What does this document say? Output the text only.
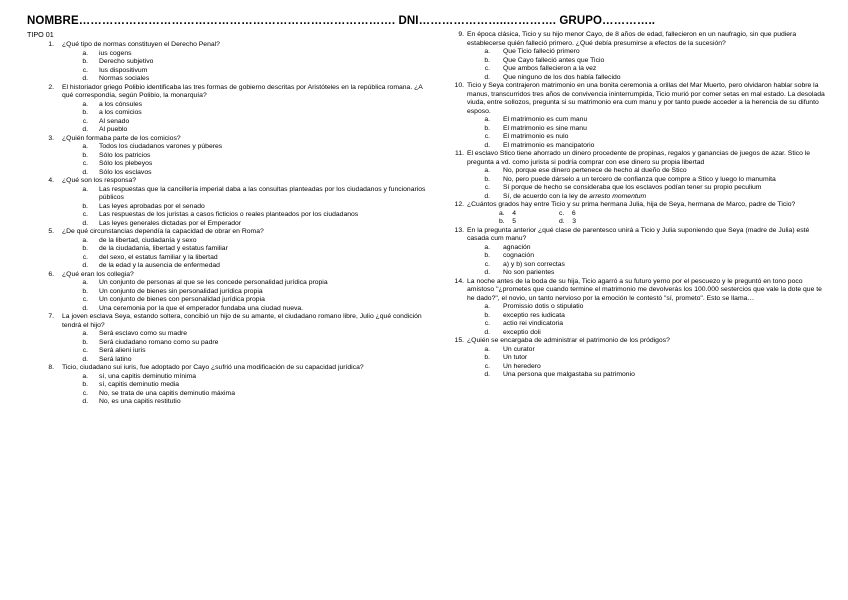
NOMBRE………………………………………………………………………. DNI…………………..…………. GRUPO…………..
TIPO 01
1. ¿Qué tipo de normas constituyen el Derecho Penal?
a. ius cogens
b. Derecho subjetivo
c. Ius dispositivum
d. Normas sociales
2. El historiador griego Polibio identificaba las tres formas de gobierno descritas por Aristóteles en la república romana. ¿A qué correspondía, según Polibio, la monarquía?
a. a los cónsules
b. a los comicios
c. Al senado
d. Al pueblo
3. ¿Quién formaba parte de los comicios?
a. Todos los ciudadanos varones y púberes
b. Sólo los patricios
c. Sólo los plebeyos
d. Sólo los esclavos
4. ¿Qué son los responsa?
a. Las respuestas que la cancillería imperial daba a las consultas planteadas por los ciudadanos y funcionarios públicos
b. Las leyes aprobadas por el senado
c. Las respuestas de los juristas a casos ficticios o reales planteados por los ciudadanos
d. Las leyes generales dictadas por el Emperador
5. ¿De qué circunstancias dependía la capacidad de obrar en Roma?
a. de la libertad, ciudadanía y sexo
b. de la ciudadanía, libertad y estatus familiar
c. del sexo, el estatus familiar y la libertad
d. de la edad y la ausencia de enfermedad
6. ¿Qué eran los collegia?
a. Un conjunto de personas al que se les concede personalidad jurídica propia
b. Un conjunto de bienes sin personalidad jurídica propia
c. Un conjunto de bienes con personalidad jurídica propia
d. Una ceremonia por la que el emperador fundaba una ciudad nueva.
7. La joven esclava Seya, estando soltera, concibió un hijo de su amante, el ciudadano romano libre, Julio ¿qué condición tendrá el hijo?
a. Será esclavo como su madre
b. Será ciudadano romano como su padre
c. Será alieni iuris
d. Será latino
8. Ticio, ciudadano sui iuris, fue adoptado por Cayo ¿sufrió una modificación de su capacidad jurídica?
a. sí, una capitis deminutio mínima
b. sí, capitis deminutio media
c. No, se trata de una capitis deminutio máxima
d. No, es una capitis restitutio
9. En época clásica, Ticio y su hijo menor Cayo, de 8 años de edad, fallecieron en un naufragio, sin que pudiera establecerse quién falleció primero. ¿Qué debía presumirse a efectos de la sucesión?
a. Que Ticio falleció primero
b. Que Cayo falleció antes que Ticio
c. Que ambos fallecieron a la vez
d. Que ninguno de los dos había fallecido
10. Ticio y Seya contrajeron matrimonio en una bonita ceremonia a orillas del Mar Muerto, pero olvidaron hablar sobre la manus, transcurridos tres años de convivencia ininterrumpida, Ticio murió por comer setas en mal estado. La desolada viuda, entre sollozos, pregunta si su matrimonio era cum manu y por tanto puede acceder a la herencia de su difunto esposo.
a. El matrimonio es cum manu
b. El matrimonio es sine manu
c. El matrimonio es nulo
d. El matrimonio es mancipatorio
11. El esclavo Stico tiene ahorrado un dinero procedente de propinas, regalos y ganancias de juegos de azar. Stico le pregunta a vd. como jurista si podría comprar con ese dinero su propia libertad
a. No, porque ese dinero pertenece de hecho al dueño de Stico
b. No, pero puede dárselo a un tercero de confianza que compre a Stico y luego lo manumita
c. Sí porque de hecho se consideraba que los esclavos podían tener su propio peculium
d. Sí, de acuerdo con la ley de arresto momentum
12. ¿Cuántos grados hay entre Ticio y su prima hermana Julia, hija de Seya, hermana de Marco, padre de Ticio?
a.    4	c.    6
b.    5	d.    3
13. En la pregunta anterior ¿qué clase de parentesco unirá a Ticio y Julia suponiendo que Seya (madre de Julia) esté casada cum manu?
a. agnación
b. cognación
c. a) y b) son correctas
d. No son parientes
14. La noche antes de la boda de su hija, Ticio agarró a su futuro yerno por el pescuezo y le preguntó en tono poco amistoso "¿prometes que cuando termine el matrimonio me devolverás los 100.000 sestercios que vale la dote que te he dado?", el novio, un tanto nervioso por la emoción le contestó "sí, prometo". Esto se llama…
a. Promissio dotis o stipulatio
b. exceptio res iudicata
c. actio rei vindicatoria
d. exceptio doli
15. ¿Quién se encargaba de administrar el patrimonio de los pródigos?
a. Un curator
b. Un tutor
c. Un heredero
d. Una persona que malgastaba su patrimonio
